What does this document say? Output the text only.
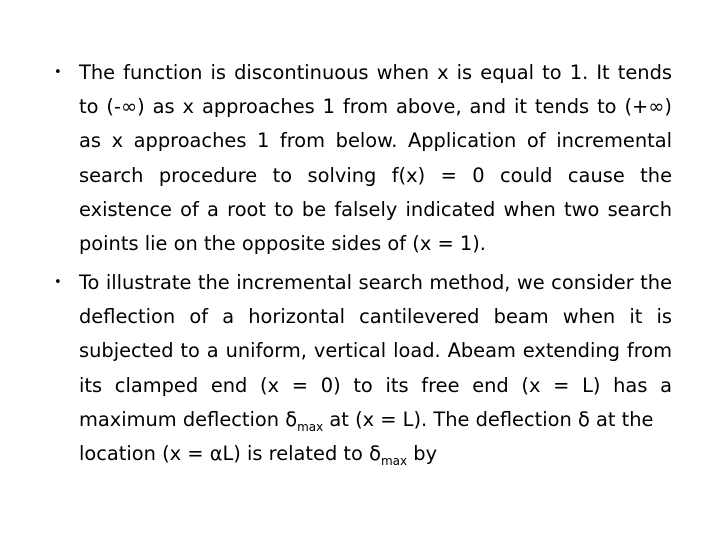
• The function is discontinuous when x is equal to 1. It tends
to (-∞) as x approaches 1 from above, and it tends to (+∞)
as x approaches 1 from below. Application of incremental
search procedure to solving f(x) = 0 could cause the
existence of a root to be falsely indicated when two search
points lie on the opposite sides of (x = 1).
• To illustrate the incremental search method, we consider the
deflection of a horizontal cantilevered beam when it is
subjected to a uniform, vertical load. Abeam extending from
its clamped end (x = 0) to its free end (x = L) has a
maximum deflection $\delta_{max}$ at (x = L). The deflection δ at the
location (x = αL) is related to $\delta_{max}$ by
